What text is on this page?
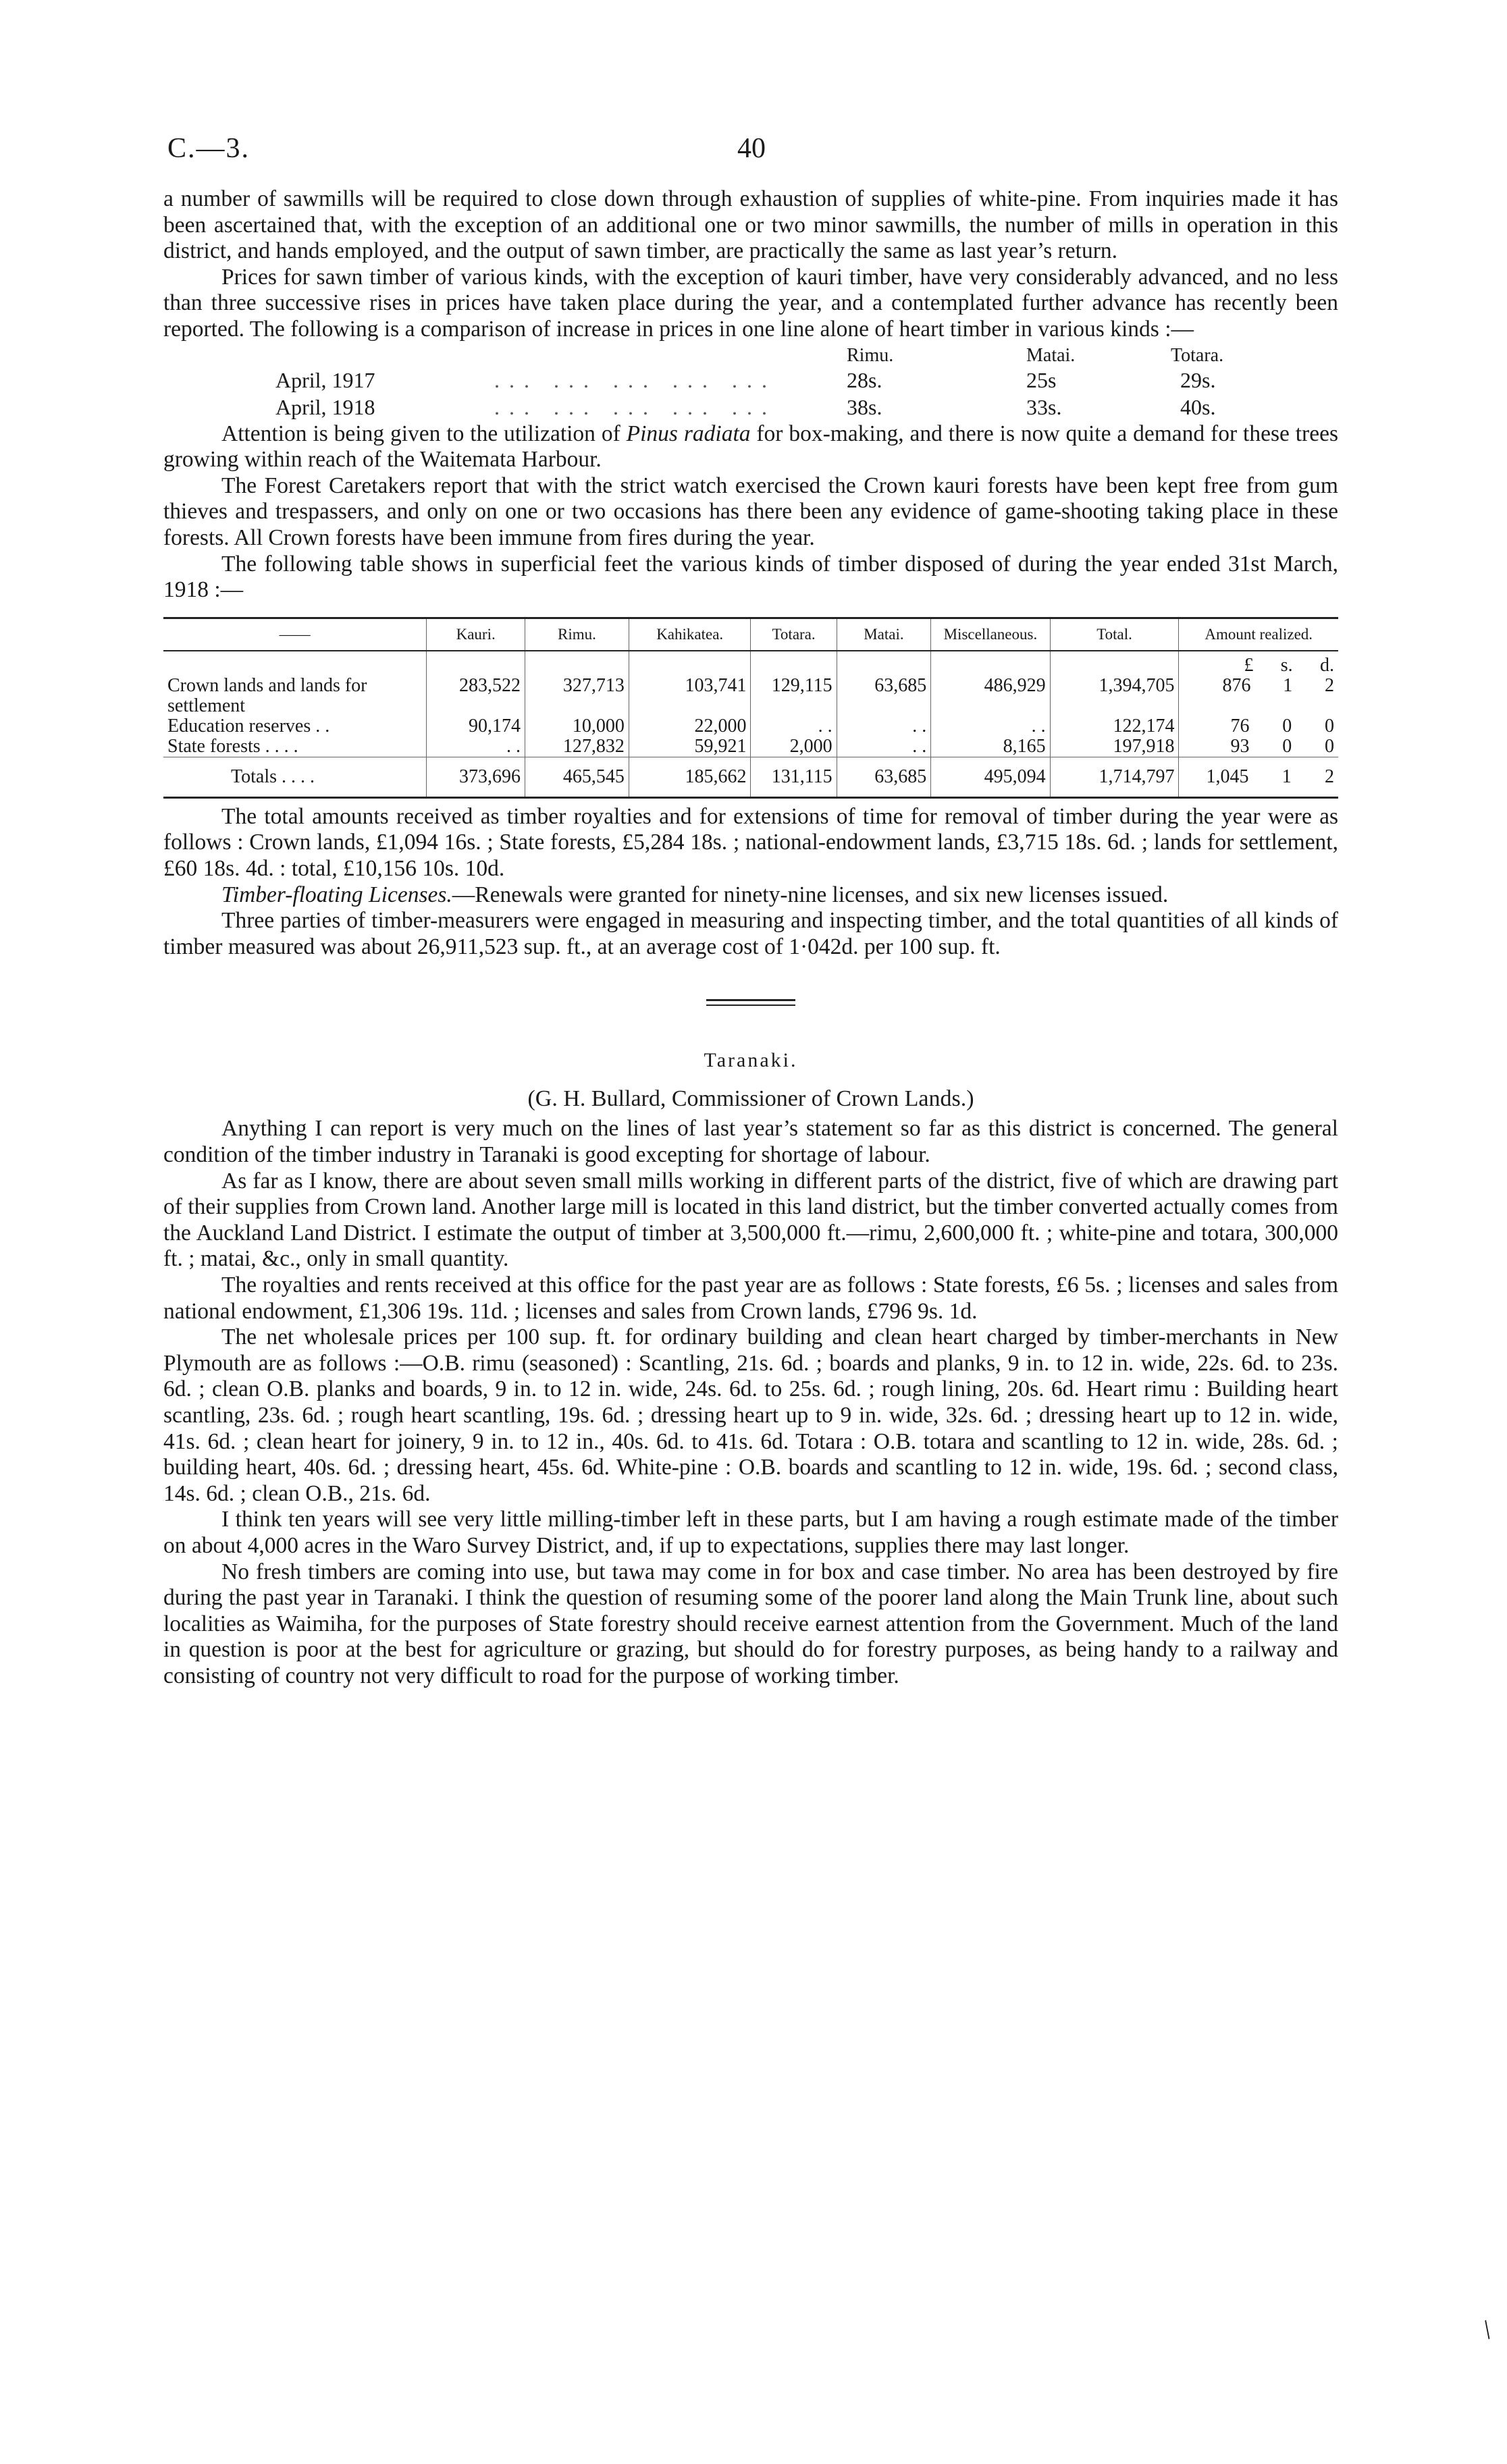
C.—3.	40

a number of sawmills will be required to close down through exhaustion of supplies of white-pine. From inquiries made it has been ascertained that, with the exception of an additional one or two minor sawmills, the number of mills in operation in this district, and hands employed, and the output of sawn timber, are practically the same as last year’s return.

Prices for sawn timber of various kinds, with the exception of kauri timber, have very considerably advanced, and no less than three successive rises in prices have taken place during the year, and a contemplated further advance has recently been reported. The following is a comparison of increase in prices in one line alone of heart timber in various kinds :—

Rimu.	Matai.	Totara.
April, 1917	... ... ... ... ...	28s.	25s	29s.
April, 1918	... ... ... ... ...	38s.	33s.	40s.

Attention is being given to the utilization of Pinus radiata for box-making, and there is now quite a demand for these trees growing within reach of the Waitemata Harbour.

The Forest Caretakers report that with the strict watch exercised the Crown kauri forests have been kept free from gum thieves and trespassers, and only on one or two occasions has there been any evidence of game-shooting taking place in these forests. All Crown forests have been immune from fires during the year.

The following table shows in superficial feet the various kinds of timber disposed of during the year ended 31st March, 1918 :—

——	Kauri.	Rimu.	Kahikatea.	Totara.	Matai.	Miscellaneous.	Total.	Amount realized.

								£ s. d.

Crown lands and lands for settlement	283,522	327,713	103,741	129,115	63,685	486,929	1,394,705	876 1 2

Education reserves . .	90,174	10,000	22,000	. .	. .	. .	122,174	76 0 0

State forests . . . .	. .	127,832	59,921	2,000	. .	8,165	197,918	93 0 0

Totals . . . .	373,696	465,545	185,662	131,115	63,685	495,094	1,714,797	1,045 1 2

The total amounts received as timber royalties and for extensions of time for removal of timber during the year were as follows : Crown lands, £1,094 16s. ; State forests, £5,284 18s. ; national-endowment lands, £3,715 18s. 6d. ; lands for settlement, £60 18s. 4d. : total, £10,156 10s. 10d.

Timber-floating Licenses.—Renewals were granted for ninety-nine licenses, and six new licenses issued.

Three parties of timber-measurers were engaged in measuring and inspecting timber, and the total quantities of all kinds of timber measured was about 26,911,523 sup. ft., at an average cost of 1·042d. per 100 sup. ft.

Taranaki.
(G. H. Bullard, Commissioner of Crown Lands.)

Anything I can report is very much on the lines of last year’s statement so far as this district is concerned. The general condition of the timber industry in Taranaki is good excepting for shortage of labour.

As far as I know, there are about seven small mills working in different parts of the district, five of which are drawing part of their supplies from Crown land. Another large mill is located in this land district, but the timber converted actually comes from the Auckland Land District. I estimate the output of timber at 3,500,000 ft.—rimu, 2,600,000 ft. ; white-pine and totara, 300,000 ft. ; matai, &c., only in small quantity.

The royalties and rents received at this office for the past year are as follows : State forests, £6 5s. ; licenses and sales from national endowment, £1,306 19s. 11d. ; licenses and sales from Crown lands, £796 9s. 1d.

The net wholesale prices per 100 sup. ft. for ordinary building and clean heart charged by timber-merchants in New Plymouth are as follows :—O.B. rimu (seasoned) : Scantling, 21s. 6d. ; boards and planks, 9 in. to 12 in. wide, 22s. 6d. to 23s. 6d. ; clean O.B. planks and boards, 9 in. to 12 in. wide, 24s. 6d. to 25s. 6d. ; rough lining, 20s. 6d. Heart rimu : Building heart scantling, 23s. 6d. ; rough heart scantling, 19s. 6d. ; dressing heart up to 9 in. wide, 32s. 6d. ; dressing heart up to 12 in. wide, 41s. 6d. ; clean heart for joinery, 9 in. to 12 in., 40s. 6d. to 41s. 6d. Totara : O.B. totara and scantling to 12 in. wide, 28s. 6d. ; building heart, 40s. 6d. ; dressing heart, 45s. 6d. White-pine : O.B. boards and scantling to 12 in. wide, 19s. 6d. ; second class, 14s. 6d. ; clean O.B., 21s. 6d.

I think ten years will see very little milling-timber left in these parts, but I am having a rough estimate made of the timber on about 4,000 acres in the Waro Survey District, and, if up to expectations, supplies there may last longer.

No fresh timbers are coming into use, but tawa may come in for box and case timber. No area has been destroyed by fire during the past year in Taranaki. I think the question of resuming some of the poorer land along the Main Trunk line, about such localities as Waimiha, for the purposes of State forestry should receive earnest attention from the Government. Much of the land in question is poor at the best for agriculture or grazing, but should do for forestry purposes, as being handy to a railway and consisting of country not very difficult to road for the purpose of working timber.

/
